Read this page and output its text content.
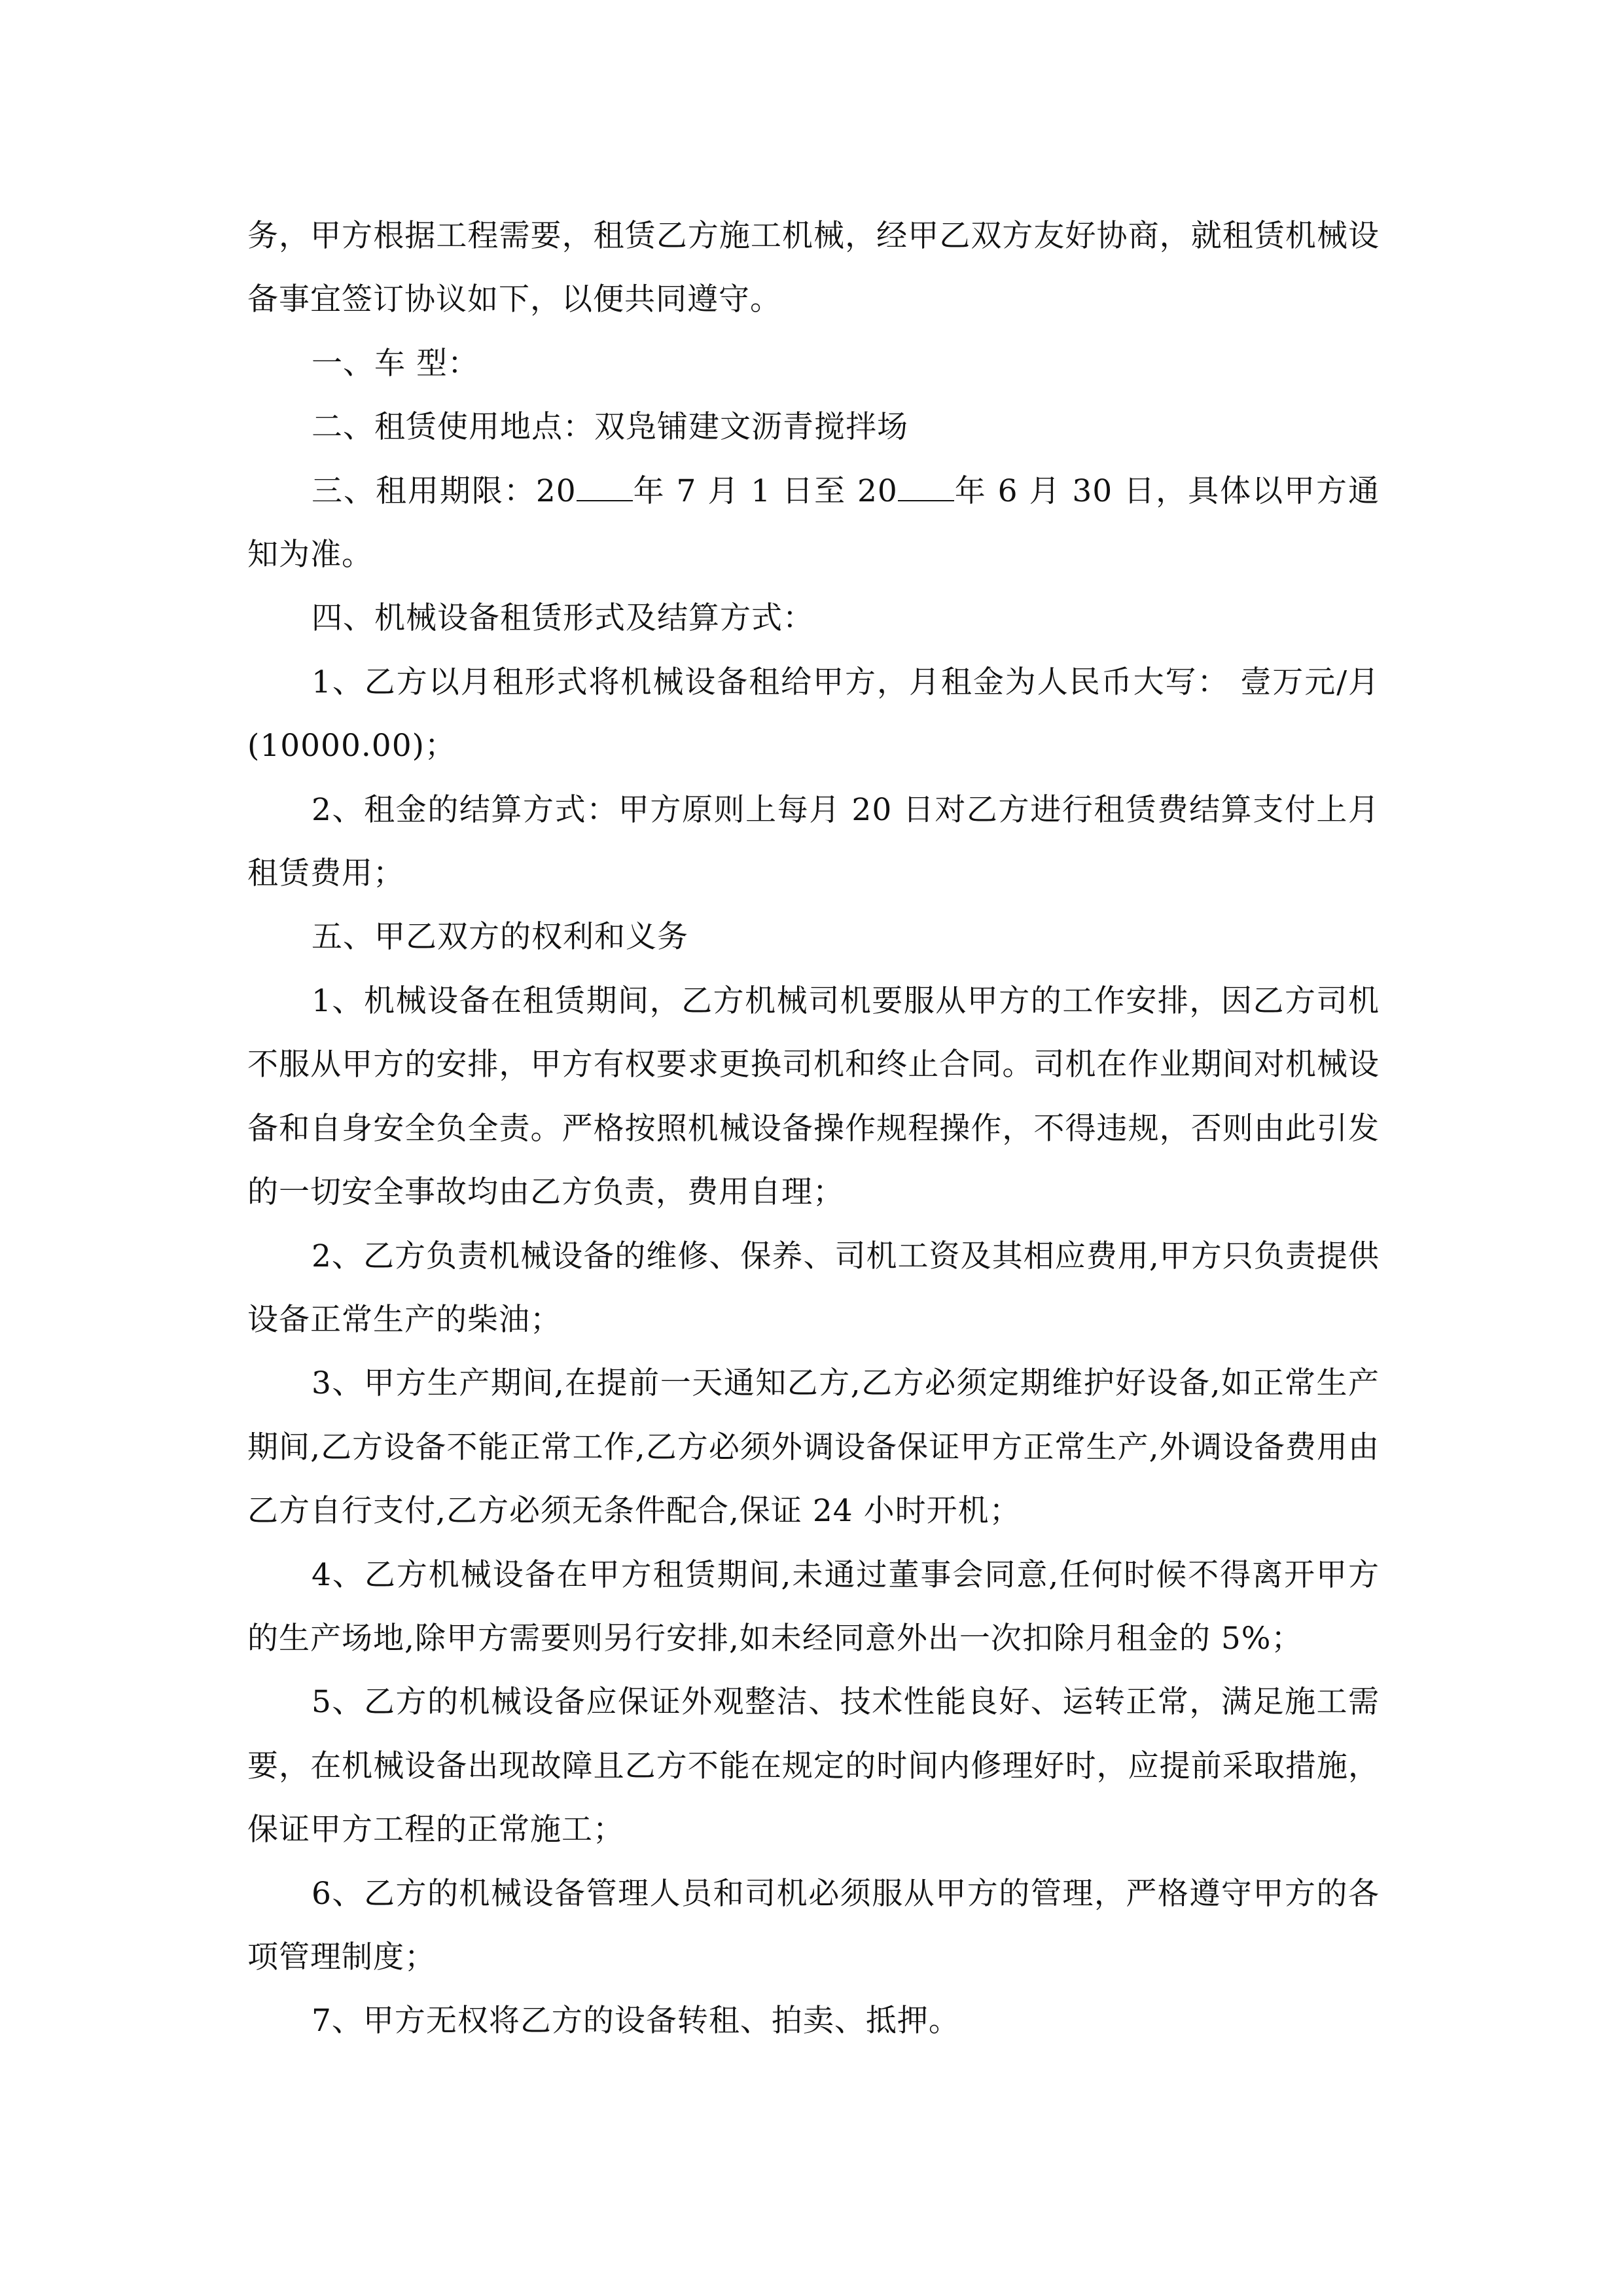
务，甲方根据工程需要，租赁乙方施工机械，经甲乙双方友好协商，就租赁机械设备事宜签订协议如下，以便共同遵守。

一、车 型：

二、租赁使用地点：双凫铺建文沥青搅拌场

三、租用期限：20 年 7 月 1 日至 20 年 6 月 30 日，具体以甲方通知为准。

四、机械设备租赁形式及结算方式：

1、乙方以月租形式将机械设备租给甲方，月租金为人民币大写： 壹万元/月(10000.00)；

2、租金的结算方式：甲方原则上每月 20 日对乙方进行租赁费结算支付上月租赁费用；

五、甲乙双方的权利和义务

1、机械设备在租赁期间，乙方机械司机要服从甲方的工作安排，因乙方司机不服从甲方的安排，甲方有权要求更换司机和终止合同。司机在作业期间对机械设备和自身安全负全责。严格按照机械设备操作规程操作，不得违规，否则由此引发的一切安全事故均由乙方负责，费用自理；

2、乙方负责机械设备的维修、保养、司机工资及其相应费用,甲方只负责提供设备正常生产的柴油；

3、甲方生产期间,在提前一天通知乙方,乙方必须定期维护好设备,如正常生产期间,乙方设备不能正常工作,乙方必须外调设备保证甲方正常生产,外调设备费用由乙方自行支付,乙方必须无条件配合,保证 24 小时开机；

4、乙方机械设备在甲方租赁期间,未通过董事会同意,任何时候不得离开甲方的生产场地,除甲方需要则另行安排,如未经同意外出一次扣除月租金的 5%；

5、乙方的机械设备应保证外观整洁、技术性能良好、运转正常，满足施工需要，在机械设备出现故障且乙方不能在规定的时间内修理好时，应提前采取措施，保证甲方工程的正常施工；

6、乙方的机械设备管理人员和司机必须服从甲方的管理，严格遵守甲方的各项管理制度；

7、甲方无权将乙方的设备转租、拍卖、抵押。
